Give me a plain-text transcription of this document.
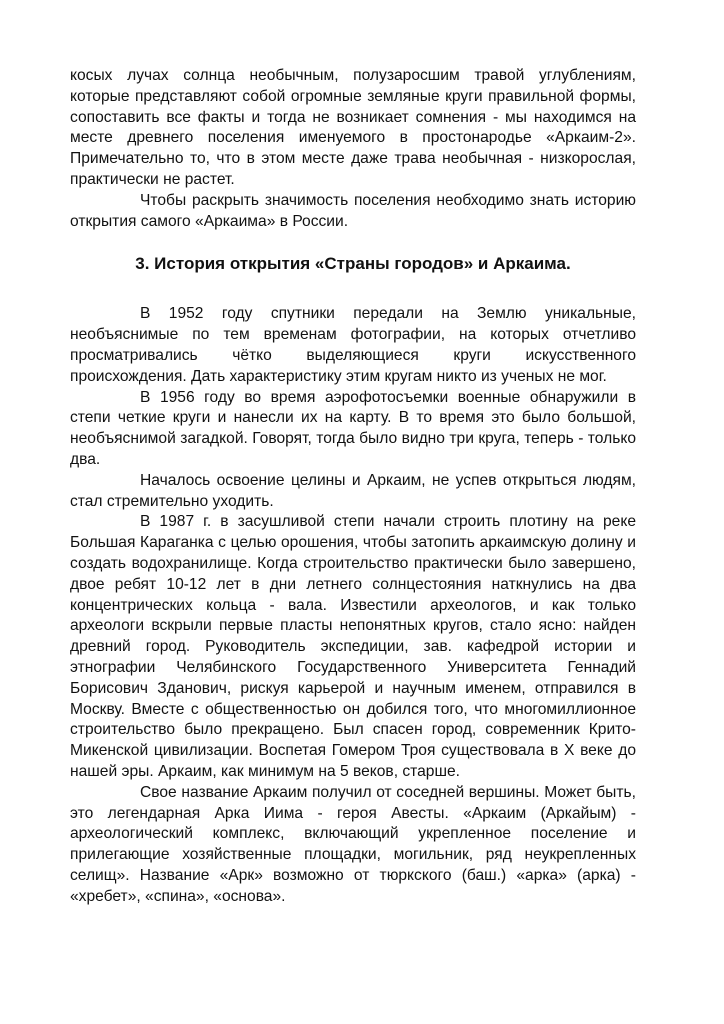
косых лучах солнца необычным, полузаросшим травой углублениям, которые представляют собой огромные земляные круги правильной формы, сопоставить все факты и тогда не возникает сомнения - мы находимся на месте древнего поселения именуемого в простонародье «Аркаим-2». Примечательно то, что в этом месте даже трава необычная - низкорослая, практически не растет.

Чтобы раскрыть значимость поселения необходимо знать историю открытия самого «Аркаима» в России.

3. История открытия «Страны городов» и Аркаима.

В 1952 году спутники передали на Землю уникальные, необъяснимые по тем временам фотографии, на которых отчетливо просматривались чётко выделяющиеся круги искусственного происхождения. Дать характеристику этим кругам никто из ученых не мог.

В 1956 году во время аэрофотосъемки военные обнаружили в степи четкие круги и нанесли их на карту. В то время это было большой, необъяснимой загадкой. Говорят, тогда было видно три круга, теперь - только два.

Началось освоение целины и Аркаим, не успев открыться людям, стал стремительно уходить.

В 1987 г. в засушливой степи начали строить плотину на реке Большая Караганка с целью орошения, чтобы затопить аркаимскую долину и создать водохранилище. Когда строительство практически было завершено, двое ребят 10-12 лет в дни летнего солнцестояния наткнулись на два концентрических кольца - вала. Известили археологов, и как только археологи вскрыли первые пласты непонятных кругов, стало ясно: найден древний город. Руководитель экспедиции, зав. кафедрой истории и этнографии Челябинского Государственного Университета Геннадий Борисович Зданович, рискуя карьерой и научным именем, отправился в Москву. Вместе с общественностью он добился того, что многомиллионное строительство было прекращено. Был спасен город, современник Крито-Микенской цивилизации. Воспетая Гомером Троя существовала в X веке до нашей эры. Аркаим, как минимум на 5 веков, старше.

Свое название Аркаим получил от соседней вершины. Может быть, это легендарная Арка Иима - героя Авесты. «Аркаим (Аркайым) - археологический комплекс, включающий укрепленное поселение и прилегающие хозяйственные площадки, могильник, ряд неукрепленных селищ». Название «Арк» возможно от тюркского (баш.) «арка» (арка) - «хребет», «спина», «основа».
